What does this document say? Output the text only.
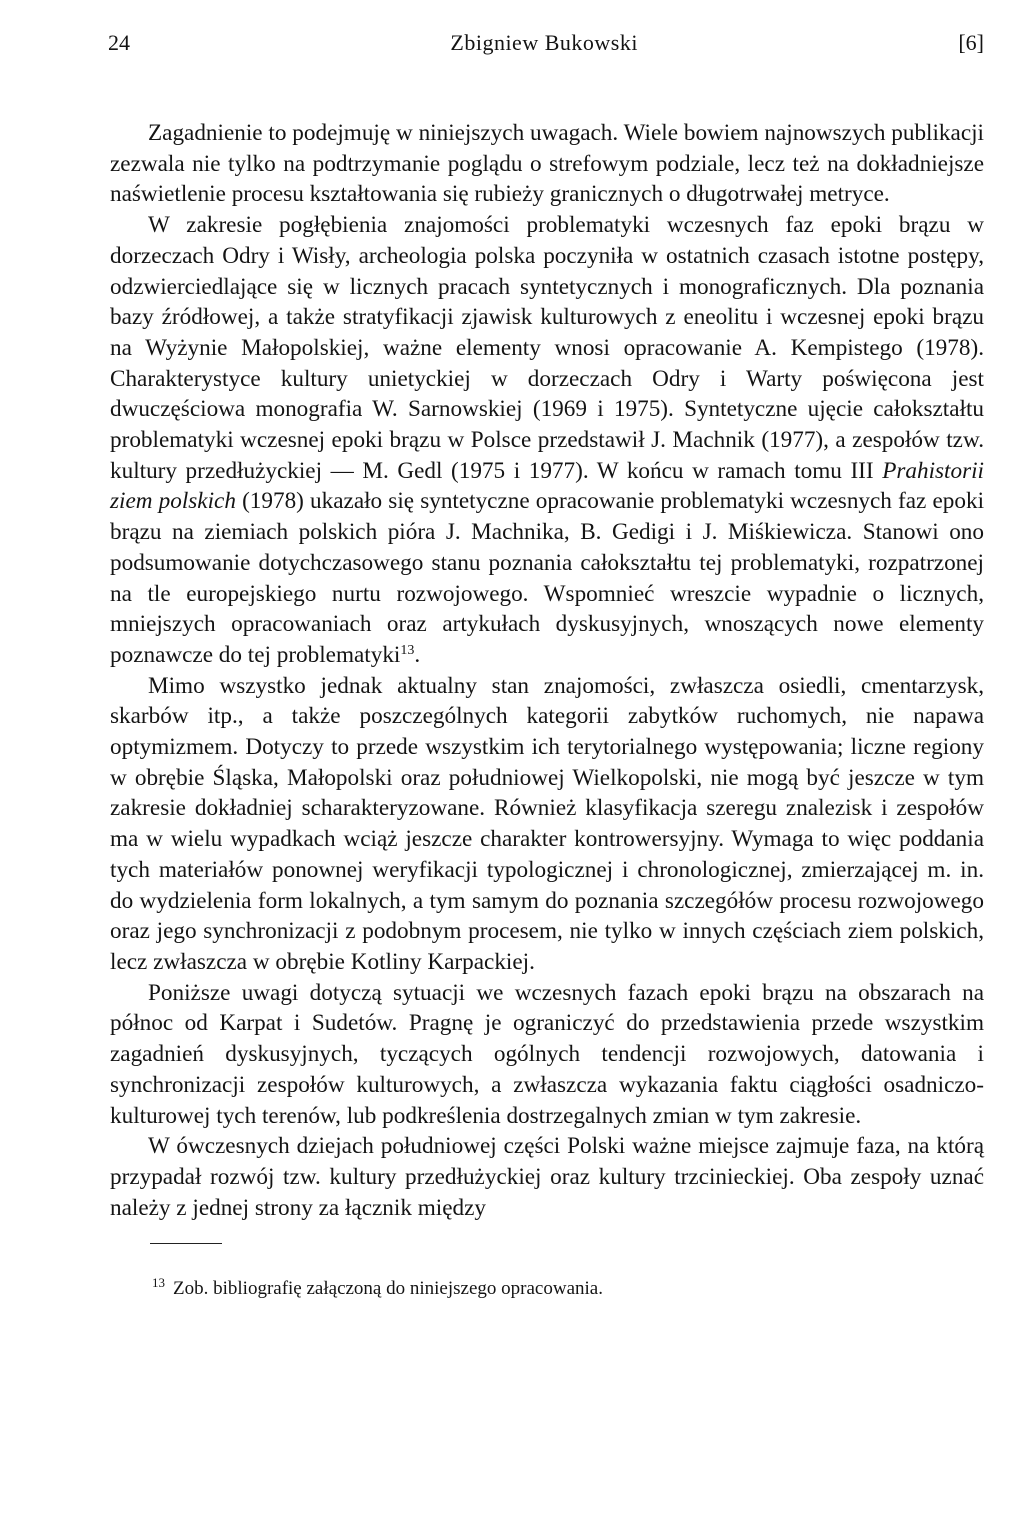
24	Zbigniew Bukowski	[6]

Zagadnienie to podejmuję w niniejszych uwagach. Wiele bowiem najnowszych publikacji zezwala nie tylko na podtrzymanie poglądu o strefowym podziale, lecz też na dokładniejsze naświetlenie procesu kształtowania się rubieży granicznych o długotrwałej metryce.

W zakresie pogłębienia znajomości problematyki wczesnych faz epoki brązu w dorzeczach Odry i Wisły, archeologia polska poczyniła w ostatnich czasach istotne postępy, odzwierciedlające się w licznych pracach syntetycznych i monograficznych. Dla poznania bazy źródłowej, a także stratyfikacji zjawisk kulturowych z eneolitu i wczesnej epoki brązu na Wyżynie Małopolskiej, ważne elementy wnosi opracowanie A. Kempistego (1978). Charakterystyce kultury unietyckiej w dorzeczach Odry i Warty poświęcona jest dwuczęściowa monografia W. Sarnowskiej (1969 i 1975). Syntetyczne ujęcie całokształtu problematyki wczesnej epoki brązu w Polsce przedstawił J. Machnik (1977), a zespołów tzw. kultury przedłużyckiej — M. Gedl (1975 i 1977). W końcu w ramach tomu III Prahistorii ziem polskich (1978) ukazało się syntetyczne opracowanie problematyki wczesnych faz epoki brązu na ziemiach polskich pióra J. Machnika, B. Gedigi i J. Miśkiewicza. Stanowi ono podsumowanie dotychczasowego stanu poznania całokształtu tej problematyki, rozpatrzonej na tle europejskiego nurtu rozwojowego. Wspomnieć wreszcie wypadnie o licznych, mniejszych opracowaniach oraz artykułach dyskusyjnych, wnoszących nowe elementy poznawcze do tej problematyki$^{13}$.

Mimo wszystko jednak aktualny stan znajomości, zwłaszcza osiedli, cmentarzysk, skarbów itp., a także poszczególnych kategorii zabytków ruchomych, nie napawa optymizmem. Dotyczy to przede wszystkim ich terytorialnego występowania; liczne regiony w obrębie Śląska, Małopolski oraz południowej Wielkopolski, nie mogą być jeszcze w tym zakresie dokładniej scharakteryzowane. Również klasyfikacja szeregu znalezisk i zespołów ma w wielu wypadkach wciąż jeszcze charakter kontrowersyjny. Wymaga to więc poddania tych materiałów ponownej weryfikacji typologicznej i chronologicznej, zmierzającej m. in. do wydzielenia form lokalnych, a tym samym do poznania szczegółów procesu rozwojowego oraz jego synchronizacji z podobnym procesem, nie tylko w innych częściach ziem polskich, lecz zwłaszcza w obrębie Kotliny Karpackiej.

Poniższe uwagi dotyczą sytuacji we wczesnych fazach epoki brązu na obszarach na północ od Karpat i Sudetów. Pragnę je ograniczyć do przedstawienia przede wszystkim zagadnień dyskusyjnych, tyczących ogólnych tendencji rozwojowych, datowania i synchronizacji zespołów kulturowych, a zwłaszcza wykazania faktu ciągłości osadniczo-kulturowej tych terenów, lub podkreślenia dostrzegalnych zmian w tym zakresie.

W ówczesnych dziejach południowej części Polski ważne miejsce zajmuje faza, na którą przypadał rozwój tzw. kultury przedłużyckiej oraz kultury trzcinieckiej. Oba zespoły uznać należy z jednej strony za łącznik między

$^{13}$ Zob. bibliografię załączoną do niniejszego opracowania.
